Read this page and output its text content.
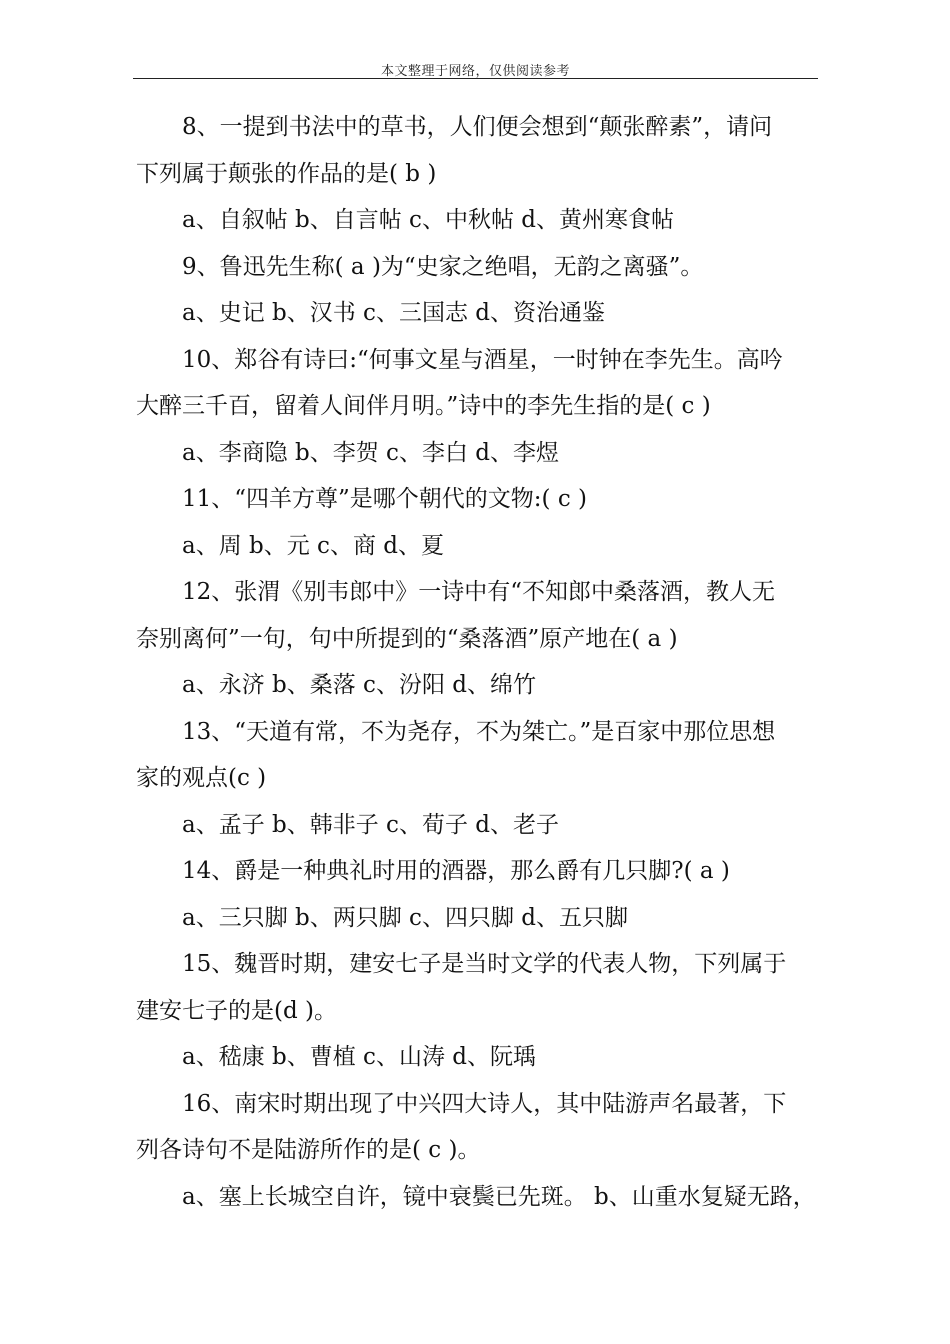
本文整理于网络，仅供阅读参考

8、一提到书法中的草书，人们便会想到“颠张醉素”，请问

下列属于颠张的作品的是( b )

a、自叙帖 b、自言帖 c、中秋帖 d、黄州寒食帖

9、鲁迅先生称( a )为“史家之绝唱，无韵之离骚”。

a、史记 b、汉书 c、三国志 d、资治通鉴

10、郑谷有诗曰:“何事文星与酒星，一时钟在李先生。高吟

大醉三千百，留着人间伴月明。”诗中的李先生指的是( c )

a、李商隐 b、李贺 c、李白 d、李煜

11、“四羊方尊”是哪个朝代的文物:( c )

a、周 b、元 c、商 d、夏

12、张渭《别韦郎中》一诗中有“不知郎中桑落酒，教人无

奈别离何”一句，句中所提到的“桑落酒”原产地在( a )

a、永济 b、桑落 c、汾阳 d、绵竹

13、“天道有常，不为尧存，不为桀亡。”是百家中那位思想

家的观点(c )

a、孟子 b、韩非子 c、荀子 d、老子

14、爵是一种典礼时用的酒器，那么爵有几只脚?( a )

a、三只脚 b、两只脚 c、四只脚 d、五只脚

15、魏晋时期，建安七子是当时文学的代表人物，下列属于

建安七子的是(d )。

a、嵇康 b、曹植 c、山涛 d、阮瑀

16、南宋时期出现了中兴四大诗人，其中陆游声名最著，下

列各诗句不是陆游所作的是( c )。

a、塞上长城空自许，镜中衰鬓已先斑。 b、山重水复疑无路，
